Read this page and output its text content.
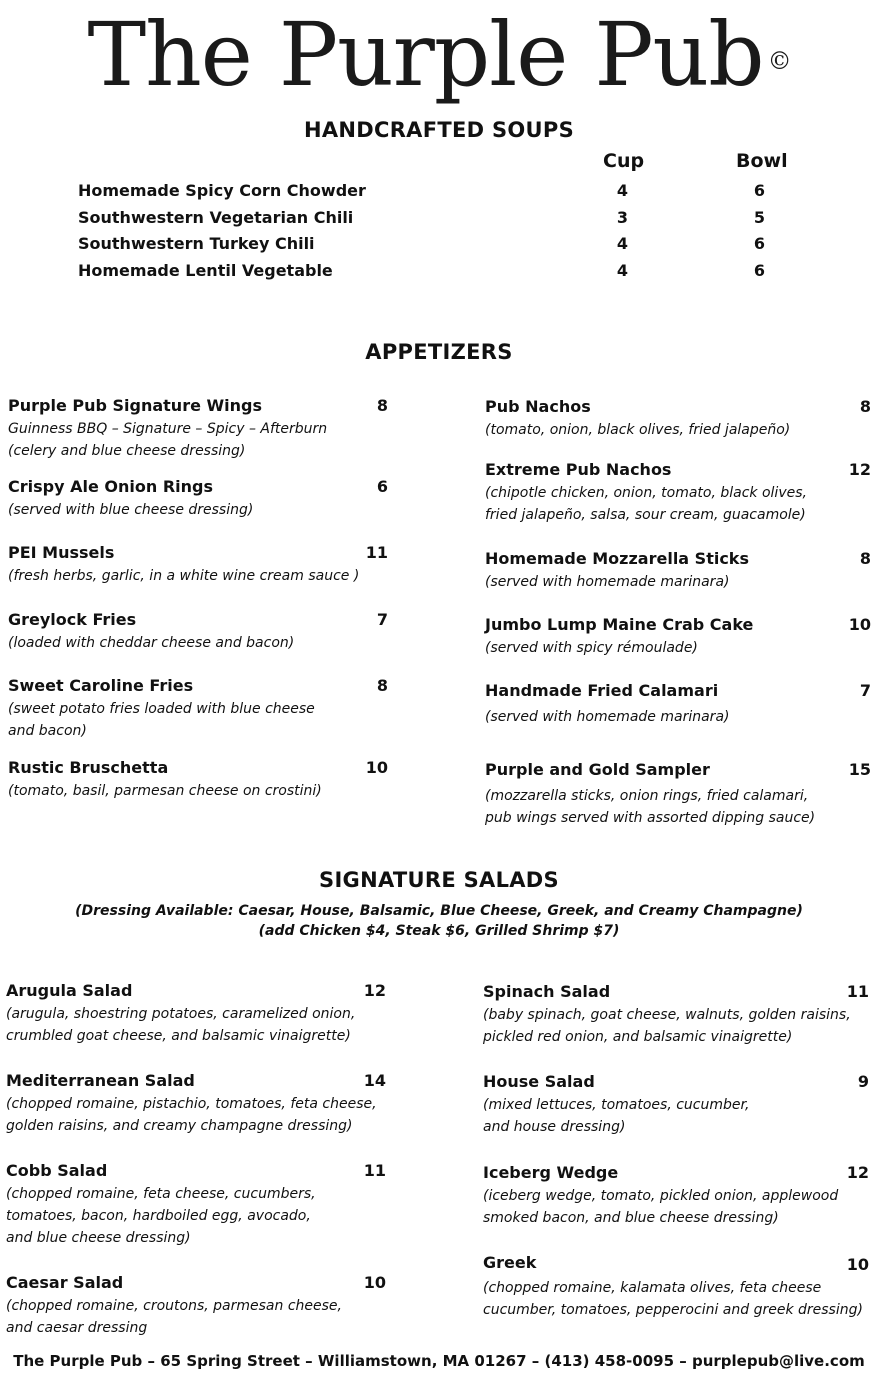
The Purple Pub ©
HANDCRAFTED SOUPS
Cup	Bowl
Homemade Spicy Corn Chowder	4	6
Southwestern Vegetarian Chili	3	5
Southwestern Turkey Chili	4	6
Homemade Lentil Vegetable	4	6
APPETIZERS
Purple Pub Signature Wings	8
Guinness BBQ – Signature – Spicy – Afterburn
(celery and blue cheese dressing)
Crispy Ale Onion Rings	6
(served with blue cheese dressing)
PEI Mussels	11
(fresh herbs, garlic, in a white wine cream sauce )
Greylock Fries	7
(loaded with cheddar cheese and bacon)
Sweet Caroline Fries	8
(sweet potato fries loaded with blue cheese
and bacon)
Rustic Bruschetta	10
(tomato, basil, parmesan cheese on crostini)
Pub Nachos	8
(tomato, onion, black olives, fried jalapeño)
Extreme Pub Nachos	12
(chipotle chicken, onion, tomato, black olives,
fried jalapeño, salsa, sour cream, guacamole)
Homemade Mozzarella Sticks	8
(served with homemade marinara)
Jumbo Lump Maine Crab Cake	10
(served with spicy rémoulade)
Handmade Fried Calamari	7
(served with homemade marinara)
Purple and Gold Sampler	15
(mozzarella sticks, onion rings, fried calamari,
pub wings served with assorted dipping sauce)
SIGNATURE SALADS
(Dressing Available: Caesar, House, Balsamic, Blue Cheese, Greek, and Creamy Champagne)
(add Chicken $4, Steak $6, Grilled Shrimp $7)
Arugula Salad	12
(arugula, shoestring potatoes, caramelized onion,
crumbled goat cheese, and balsamic vinaigrette)
Mediterranean Salad	14
(chopped romaine, pistachio, tomatoes, feta cheese,
golden raisins, and creamy champagne dressing)
Cobb Salad	11
(chopped romaine, feta cheese, cucumbers,
tomatoes, bacon, hardboiled egg, avocado,
and blue cheese dressing)
Caesar Salad	10
(chopped romaine, croutons, parmesan cheese,
and caesar dressing
Spinach Salad	11
(baby spinach, goat cheese, walnuts, golden raisins,
pickled red onion, and balsamic vinaigrette)
House Salad	9
(mixed lettuces, tomatoes, cucumber,
and house dressing)
Iceberg Wedge	12
(iceberg wedge, tomato, pickled onion, applewood
smoked bacon, and blue cheese dressing)
Greek	10
(chopped romaine, kalamata olives, feta cheese
cucumber, tomatoes, pepperocini and greek dressing)
The Purple Pub – 65 Spring Street – Williamstown, MA 01267 – (413) 458-0095 – purplepub@live.com
